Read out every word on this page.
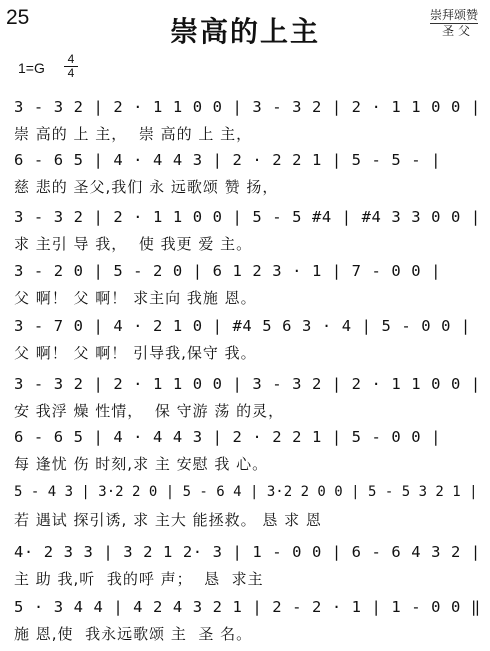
25	崇高的上主	崇拜颂赞
圣 父
1=G
4
4
3 - 3 2 | 2 · 1 1 0 0 | 3 - 3 2 | 2 · 1 1 0 0 |
崇 高的 上 主，  崇 高的 上 主，
6 - 6 5 | 4 · 4 4 3 | 2 · 2 2 1 | 5 - 5 - |
慈 悲的 圣父,我们 永 远歌颂 赞 扬，
3 - 3 2 | 2 · 1 1 0 0 | 5 - 5 #4 | #4 3 3 0 0 |
求 主引 导 我，  使 我更 爱 主。
3 - 2 0 | 5 - 2 0 | 6 1 2 3 · 1 | 7 - 0 0 |
父 啊！ 父 啊！ 求主向 我施 恩。
3 - 7 0 | 4 · 2 1 0 | #4 5 6 3 · 4 | 5 - 0 0 |
父 啊！ 父 啊！ 引导我,保守 我。
3 - 3 2 | 2 · 1 1 0 0 | 3 - 3 2 | 2 · 1 1 0 0 |
安 我浮 燥 性情，  保 守游 荡 的灵，
6 - 6 5 | 4 · 4 4 3 | 2 · 2 2 1 | 5 - 0 0 |
每 逢忧 伤 时刻,求 主 安慰 我 心。
5 - 4 3 | 3·2 2 0 | 5 - 6 4 | 3·2 2 0 0 | 5 - 5 3 2 1 |
若 遇试 探引诱, 求 主大 能拯救。 恳 求 恩
4· 2 3 3 | 3 2 1 2· 3 | 1 - 0 0 | 6 - 6 4 3 2 |
主 助 我,听  我的呼 声；  恳  求主
5 · 3 4 4 | 4 2 4 3 2 1 | 2 - 2 · 1 | 1 - 0 0 ‖
施 恩,使  我永远歌颂 主  圣 名。
